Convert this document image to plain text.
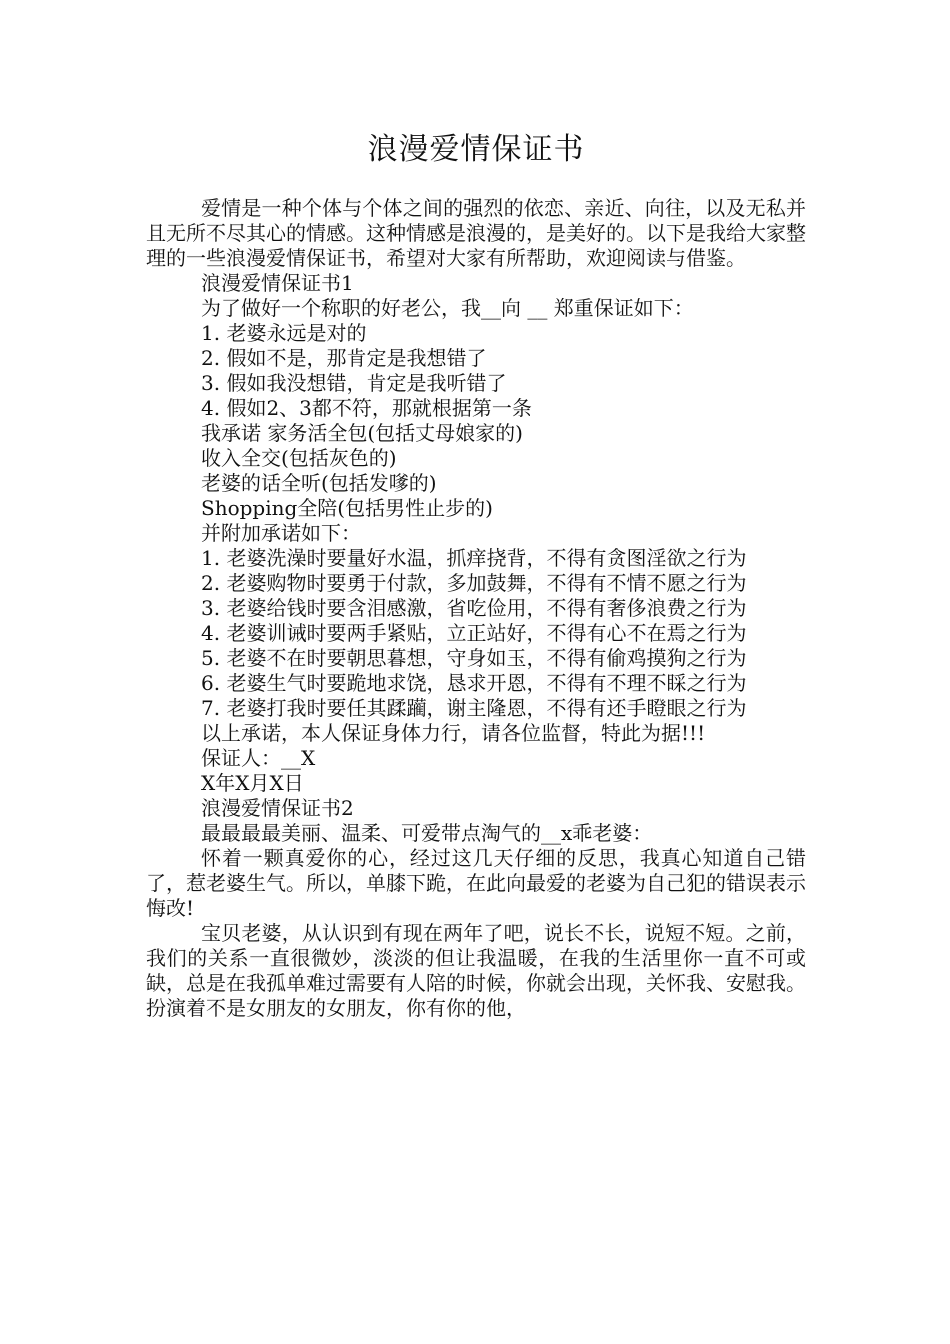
浪漫爱情保证书

爱情是一种个体与个体之间的强烈的依恋、亲近、向往，以及无私并且无所不尽其心的情感。这种情感是浪漫的，是美好的。以下是我给大家整理的一些浪漫爱情保证书，希望对大家有所帮助，欢迎阅读与借鉴。

浪漫爱情保证书1

为了做好一个称职的好老公，我__向 __ 郑重保证如下：

1. 老婆永远是对的

2. 假如不是，那肯定是我想错了

3. 假如我没想错，肯定是我听错了

4. 假如2、3都不符，那就根据第一条

我承诺 家务活全包(包括丈母娘家的)

收入全交(包括灰色的)

老婆的话全听(包括发嗲的)

Shopping全陪(包括男性止步的)

并附加承诺如下：

1. 老婆洗澡时要量好水温，抓痒挠背，不得有贪图淫欲之行为

2. 老婆购物时要勇于付款，多加鼓舞，不得有不情不愿之行为

3. 老婆给钱时要含泪感激，省吃俭用，不得有奢侈浪费之行为

4. 老婆训诫时要两手紧贴，立正站好，不得有心不在焉之行为

5. 老婆不在时要朝思暮想，守身如玉，不得有偷鸡摸狗之行为

6. 老婆生气时要跪地求饶，恳求开恩，不得有不理不睬之行为

7. 老婆打我时要任其蹂躏，谢主隆恩，不得有还手瞪眼之行为

以上承诺，本人保证身体力行，请各位监督，特此为据!!!

保证人：__X

X年X月X日

浪漫爱情保证书2

最最最最美丽、温柔、可爱带点淘气的__x乖老婆：

怀着一颗真爱你的心，经过这几天仔细的反思，我真心知道自己错了，惹老婆生气。所以，单膝下跪，在此向最爱的老婆为自己犯的错误表示悔改!

宝贝老婆，从认识到有现在两年了吧，说长不长，说短不短。之前，我们的关系一直很微妙，淡淡的但让我温暖，在我的生活里你一直不可或缺，总是在我孤单难过需要有人陪的时候，你就会出现，关怀我、安慰我。扮演着不是女朋友的女朋友，你有你的他，
